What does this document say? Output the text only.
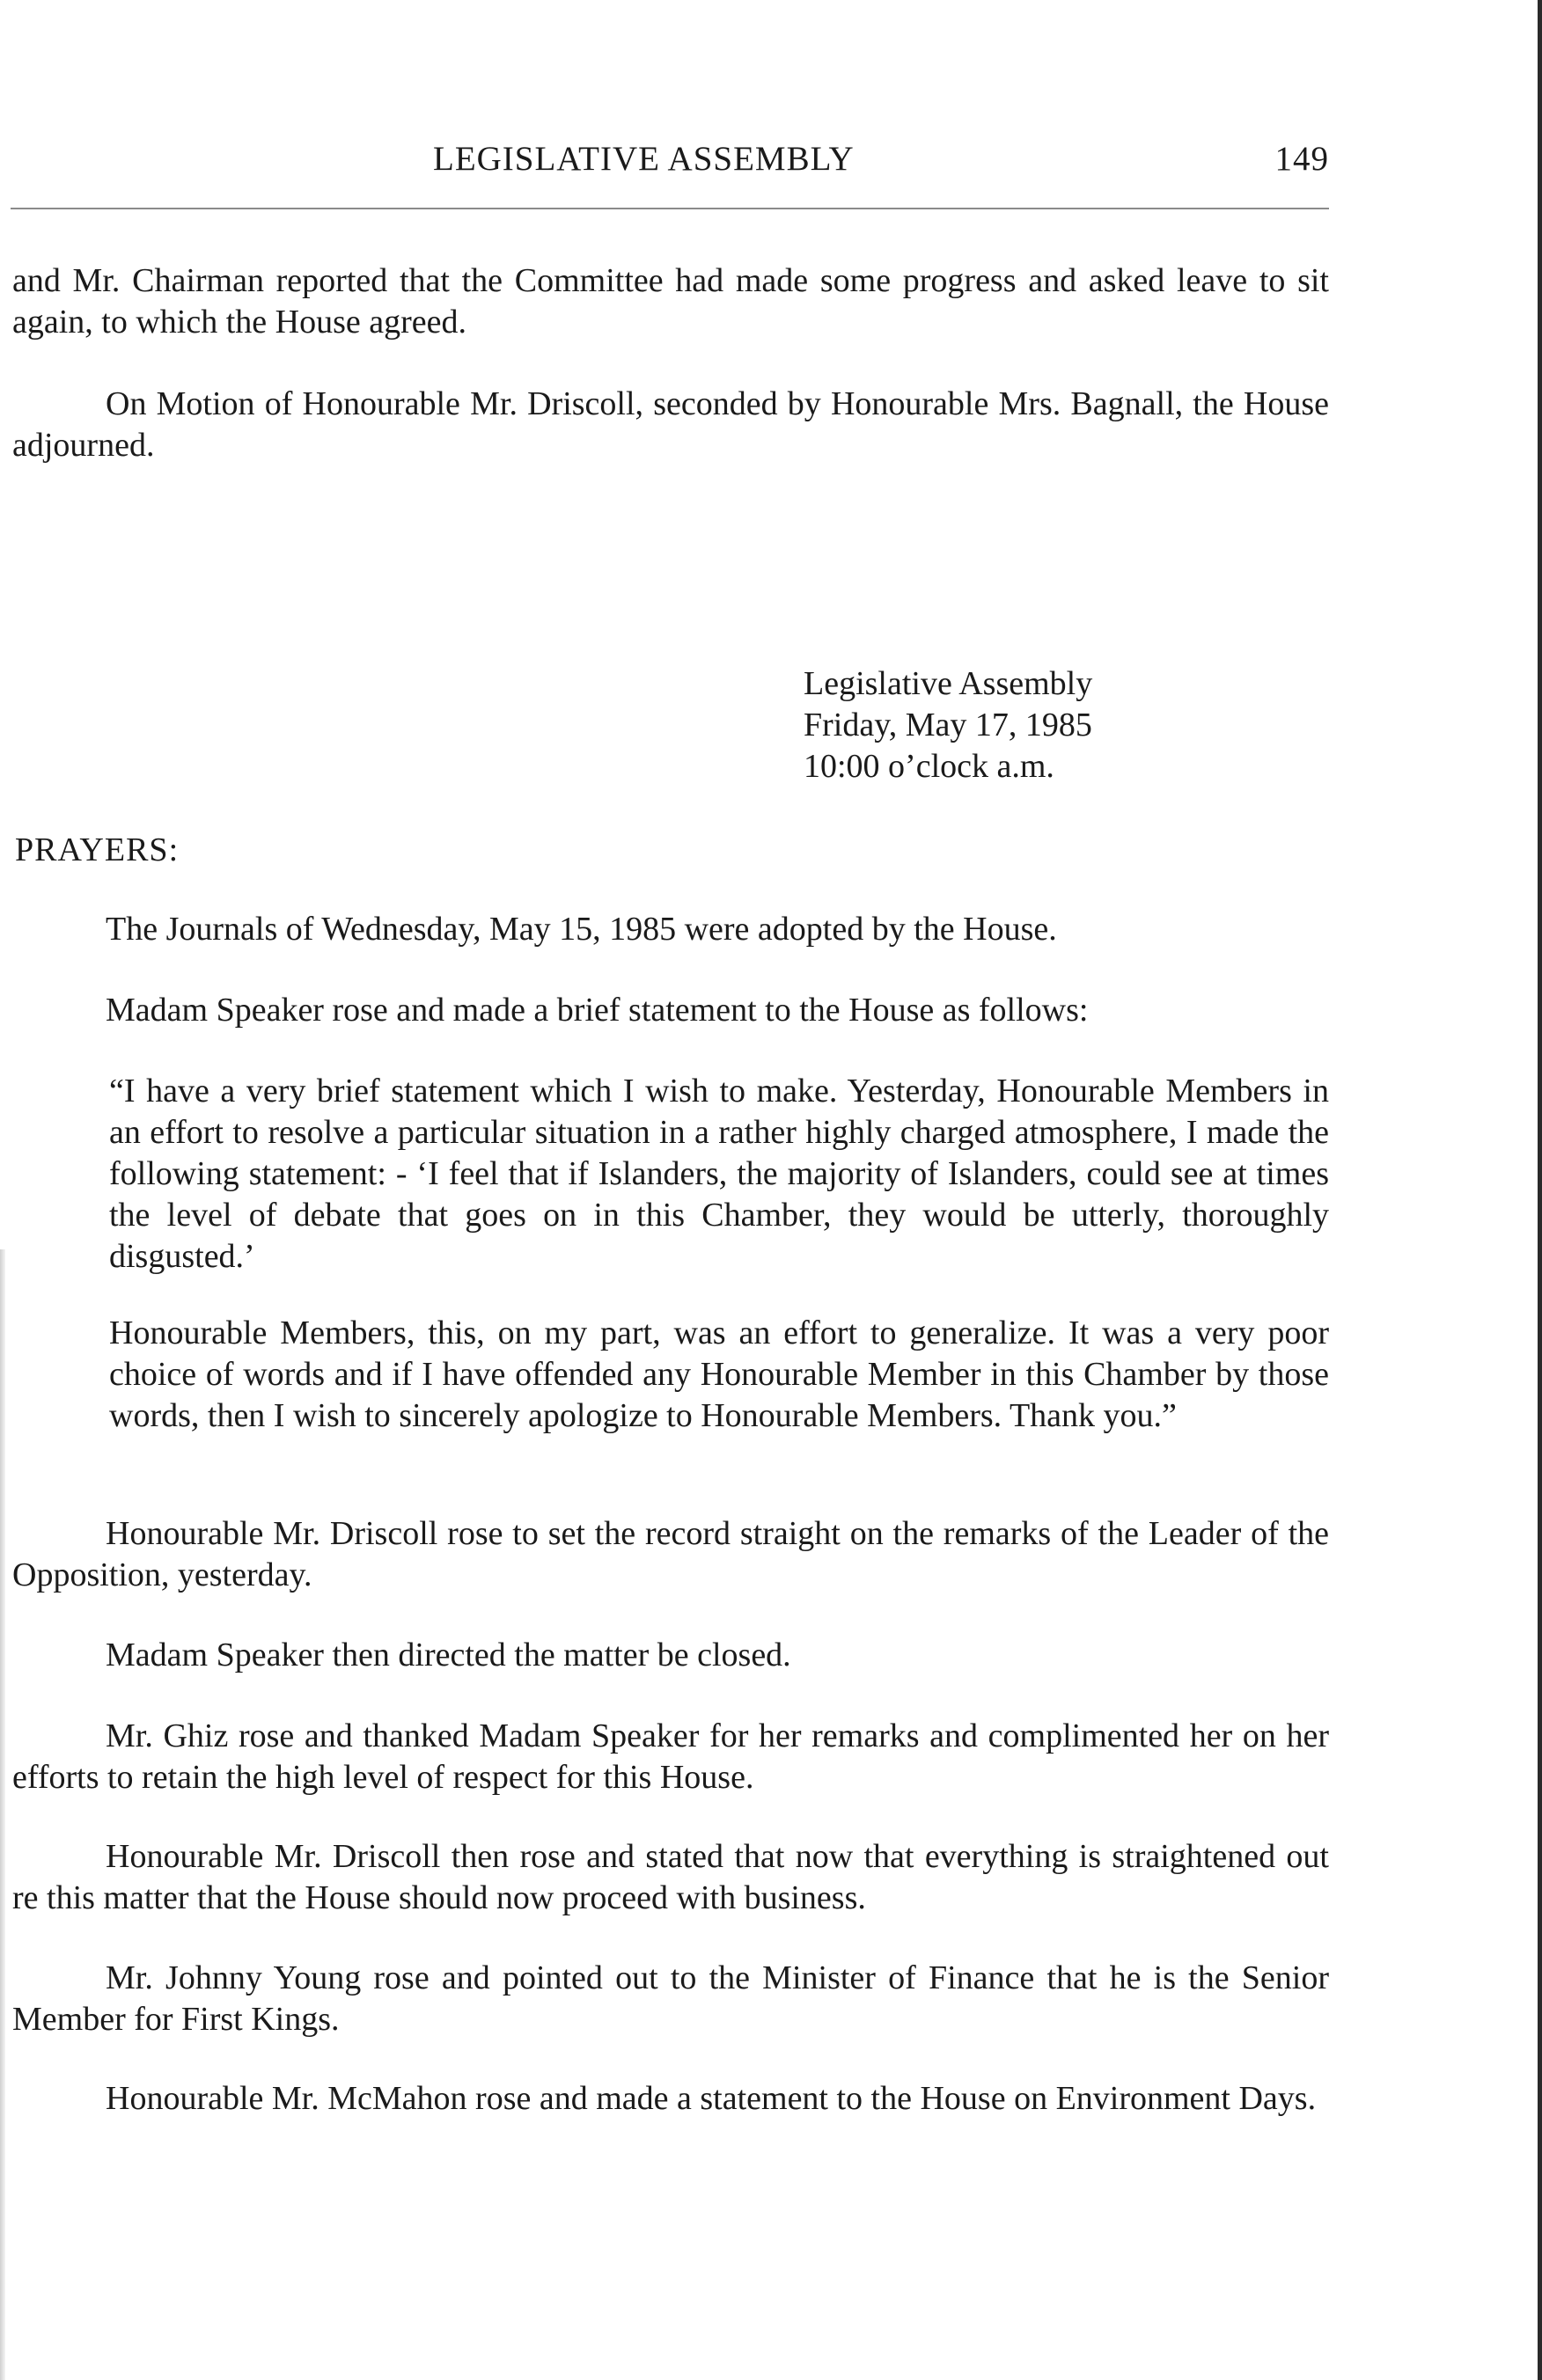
LEGISLATIVE ASSEMBLY	149

and Mr. Chairman reported that the Committee had made some progress and asked leave to sit again, to which the House agreed.

On Motion of Honourable Mr. Driscoll, seconded by Honourable Mrs. Bagnall, the House adjourned.

Legislative Assembly
Friday, May 17, 1985
10:00 o’clock a.m.
PRAYERS:

The Journals of Wednesday, May 15, 1985 were adopted by the House.

Madam Speaker rose and made a brief statement to the House as follows:

“I have a very brief statement which I wish to make. Yesterday, Honourable Members in an effort to resolve a particular situation in a rather highly charged atmosphere, I made the following statement: - ‘I feel that if Islanders, the majority of Islanders, could see at times the level of debate that goes on in this Chamber, they would be utterly, thoroughly disgusted.’

Honourable Members, this, on my part, was an effort to generalize. It was a very poor choice of words and if I have offended any Honourable Member in this Chamber by those words, then I wish to sincerely apologize to Honourable Members. Thank you.”

Honourable Mr. Driscoll rose to set the record straight on the remarks of the Leader of the Opposition, yesterday.

Madam Speaker then directed the matter be closed.

Mr. Ghiz rose and thanked Madam Speaker for her remarks and complimented her on her efforts to retain the high level of respect for this House.

Honourable Mr. Driscoll then rose and stated that now that everything is straightened out re this matter that the House should now proceed with business.

Mr. Johnny Young rose and pointed out to the Minister of Finance that he is the Senior Member for First Kings.

Honourable Mr. McMahon rose and made a statement to the House on Environment Days.
